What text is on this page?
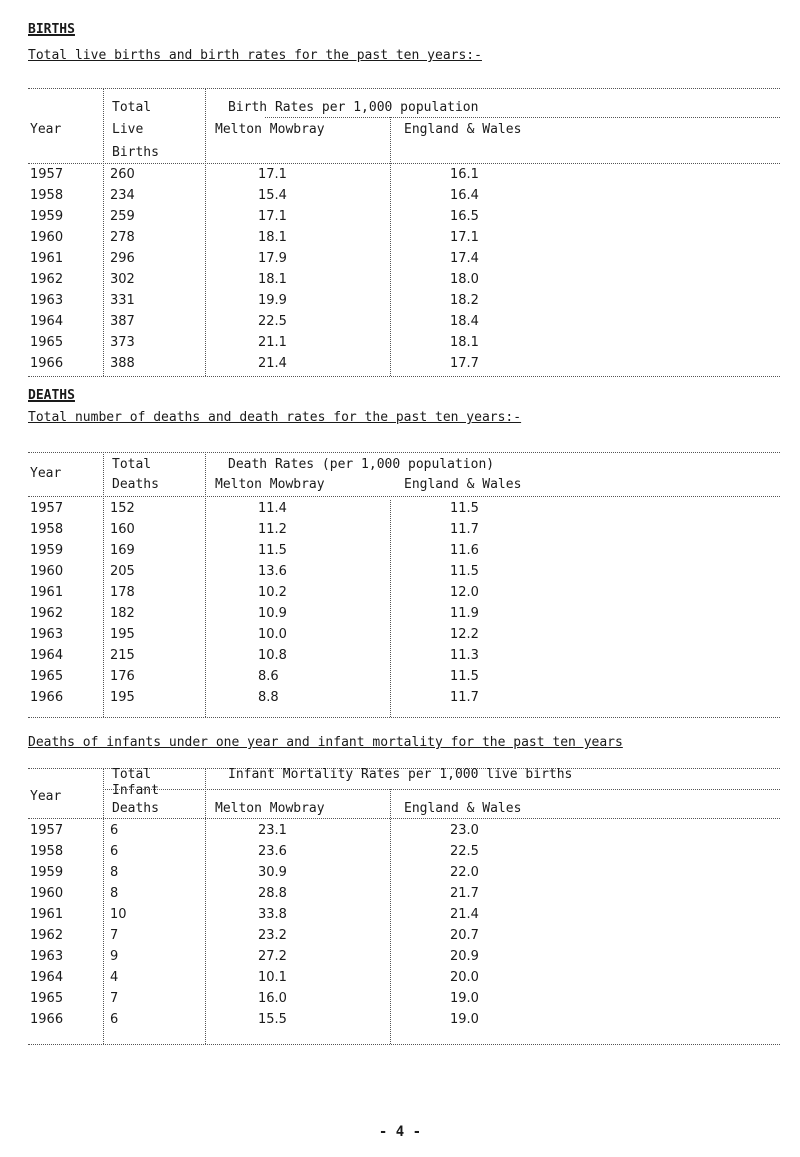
BIRTHS
Total live births and birth rates for the past ten years:-
Year
Total
Live
Births
Birth Rates per 1,000 population
Melton Mowbray	England & Wales
1957	260	17.1	16.1
1958	234	15.4	16.4
1959	259	17.1	16.5
1960	278	18.1	17.1
1961	296	17.9	17.4
1962	302	18.1	18.0
1963	331	19.9	18.2
1964	387	22.5	18.4
1965	373	21.1	18.1
1966	388	21.4	17.7
DEATHS
Total number of deaths and death rates for the past ten years:-
Year
Total
Deaths
Death Rates (per 1,000 population)
Melton Mowbray	England & Wales
1957	152	11.4	11.5
1958	160	11.2	11.7
1959	169	11.5	11.6
1960	205	13.6	11.5
1961	178	10.2	12.0
1962	182	10.9	11.9
1963	195	10.0	12.2
1964	215	10.8	11.3
1965	176	8.6	11.5
1966	195	8.8	11.7
Deaths of infants under one year and infant mortality for the past ten years
Year
Total
Infant
Deaths
Infant Mortality Rates per 1,000 live births
Melton Mowbray	England & Wales
1957	6	23.1	23.0
1958	6	23.6	22.5
1959	8	30.9	22.0
1960	8	28.8	21.7
1961	10	33.8	21.4
1962	7	23.2	20.7
1963	9	27.2	20.9
1964	4	10.1	20.0
1965	7	16.0	19.0
1966	6	15.5	19.0
- 4 -
